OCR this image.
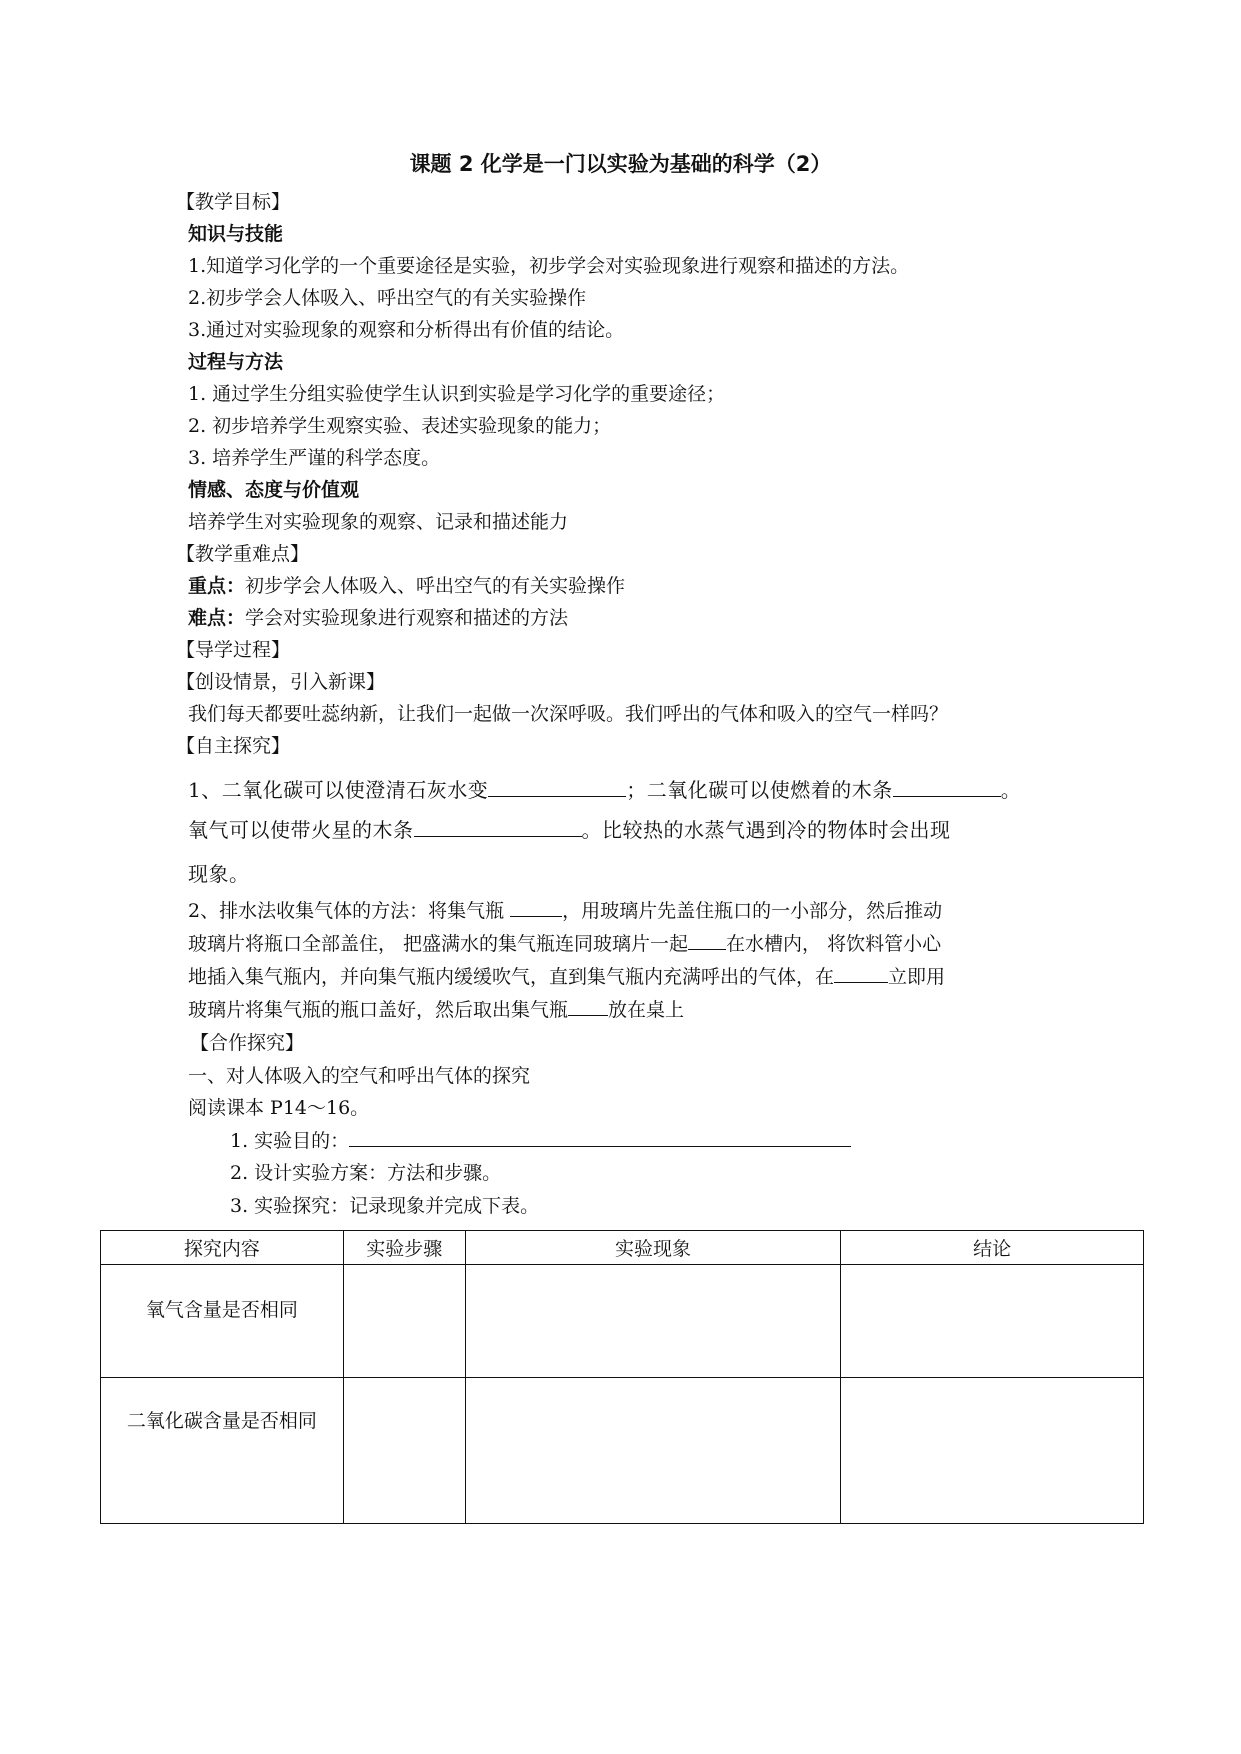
课题 2 化学是一门以实验为基础的科学（2）
【教学目标】
知识与技能
1.知道学习化学的一个重要途径是实验，初步学会对实验现象进行观察和描述的方法。
2.初步学会人体吸入、呼出空气的有关实验操作
3.通过对实验现象的观察和分析得出有价值的结论。
过程与方法
1. 通过学生分组实验使学生认识到实验是学习化学的重要途径；
2. 初步培养学生观察实验、表述实验现象的能力；
3. 培养学生严谨的科学态度。
情感、态度与价值观
培养学生对实验现象的观察、记录和描述能力
【教学重难点】
重点：初步学会人体吸入、呼出空气的有关实验操作
难点：学会对实验现象进行观察和描述的方法
【导学过程】
【创设情景，引入新课】
我们每天都要吐蕊纳新，让我们一起做一次深呼吸。我们呼出的气体和吸入的空气一样吗？
【自主探究】
1、二氧化碳可以使澄清石灰水变	；二氧化碳可以使燃着的木条	。
氧气可以使带火星的木条	。比较热的水蒸气遇到冷的物体时会出现
现象。
2、排水法收集气体的方法：将集气瓶	，用玻璃片先盖住瓶口的一小部分，然后推动
玻璃片将瓶口全部盖住， 把盛满水的集气瓶连同玻璃片一起 在水槽内， 将饮料管小心
地插入集气瓶内，并向集气瓶内缓缓吹气，直到集气瓶内充满呼出的气体，在	立即用
玻璃片将集气瓶的瓶口盖好，然后取出集气瓶 放在桌上
【合作探究】
一、对人体吸入的空气和呼出气体的探究
阅读课本 P14～16。
1. 实验目的：
2. 设计实验方案：方法和步骤。
3. 实验探究：记录现象并完成下表。
探究内容	实验步骤	实验现象	结论
氧气含量是否相同			
二氧化碳含量是否相同			
